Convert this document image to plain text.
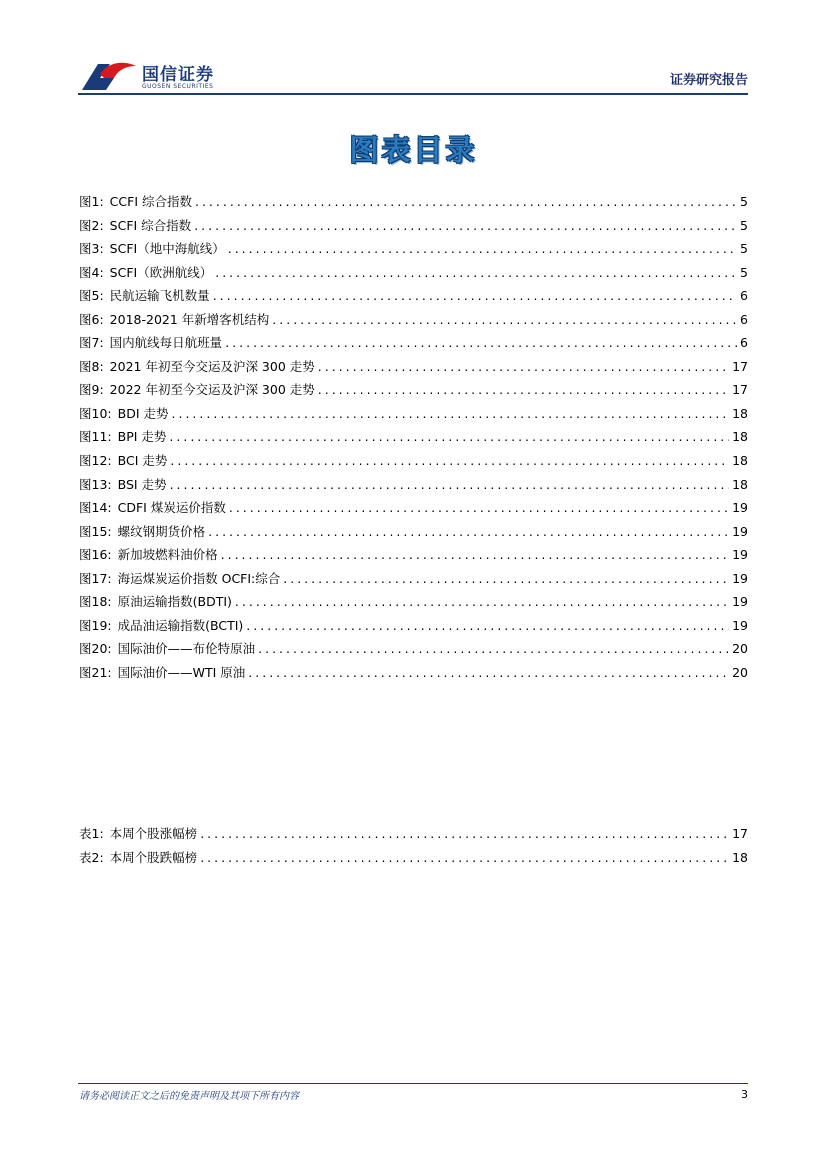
国信证券
GUOSEN SECURITIES	证券研究报告
图表目录
图1: CCFI 综合指数 .....	5
图2: SCFI 综合指数 .....	5
图3: SCFI（地中海航线） .....	5
图4: SCFI（欧洲航线） .....	5
图5: 民航运输飞机数量 .....	6
图6: 2018-2021 年新增客机结构 .....	6
图7: 国内航线每日航班量 .....	6
图8: 2021 年初至今交运及沪深 300 走势 .....	17
图9: 2022 年初至今交运及沪深 300 走势 .....	17
图10: BDI 走势 .....	18
图11: BPI 走势 .....	18
图12: BCI 走势 .....	18
图13: BSI 走势 .....	18
图14: CDFI 煤炭运价指数 .....	19
图15: 螺纹钢期货价格 .....	19
图16: 新加坡燃料油价格 .....	19
图17: 海运煤炭运价指数 OCFI:综合 .....	19
图18: 原油运输指数(BDTI) .....	19
图19: 成品油运输指数(BCTI) .....	19
图20: 国际油价——布伦特原油 .....	20
图21: 国际油价——WTI 原油 .....	20
表1: 本周个股涨幅榜 .....	17
表2: 本周个股跌幅榜 .....	18
请务必阅读正文之后的免责声明及其项下所有内容	3
